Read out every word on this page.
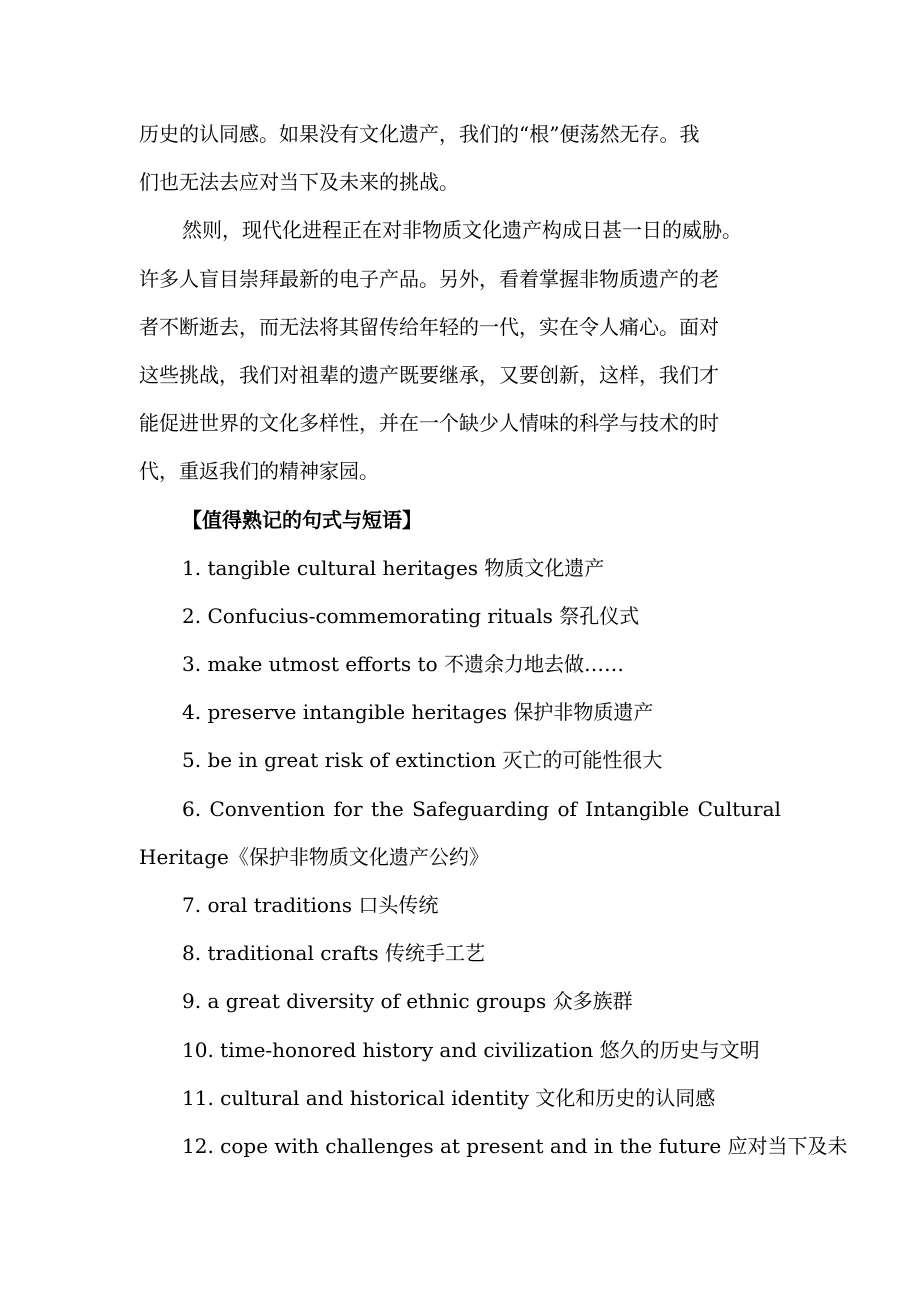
历史的认同感。如果没有文化遗产，我们的“根”便荡然无存。我

们也无法去应对当下及未来的挑战。

然则，现代化进程正在对非物质文化遗产构成日甚一日的威胁。

许多人盲目崇拜最新的电子产品。另外，看着掌握非物质遗产的老

者不断逝去，而无法将其留传给年轻的一代，实在令人痛心。面对

这些挑战，我们对祖辈的遗产既要继承，又要创新，这样，我们才

能促进世界的文化多样性，并在一个缺少人情味的科学与技术的时

代，重返我们的精神家园。

【值得熟记的句式与短语】

1. tangible cultural heritages 物质文化遗产

2. Confucius-commemorating rituals 祭孔仪式

3. make utmost efforts to 不遗余力地去做……

4. preserve intangible heritages 保护非物质遗产

5. be in great risk of extinction 灭亡的可能性很大

6. Convention for the Safeguarding of Intangible Cultural

Heritage《保护非物质文化遗产公约》

7. oral traditions 口头传统

8. traditional crafts 传统手工艺

9. a great diversity of ethnic groups 众多族群

10. time-honored history and civilization 悠久的历史与文明

11. cultural and historical identity 文化和历史的认同感

12. cope with challenges at present and in the future 应对当下及未
